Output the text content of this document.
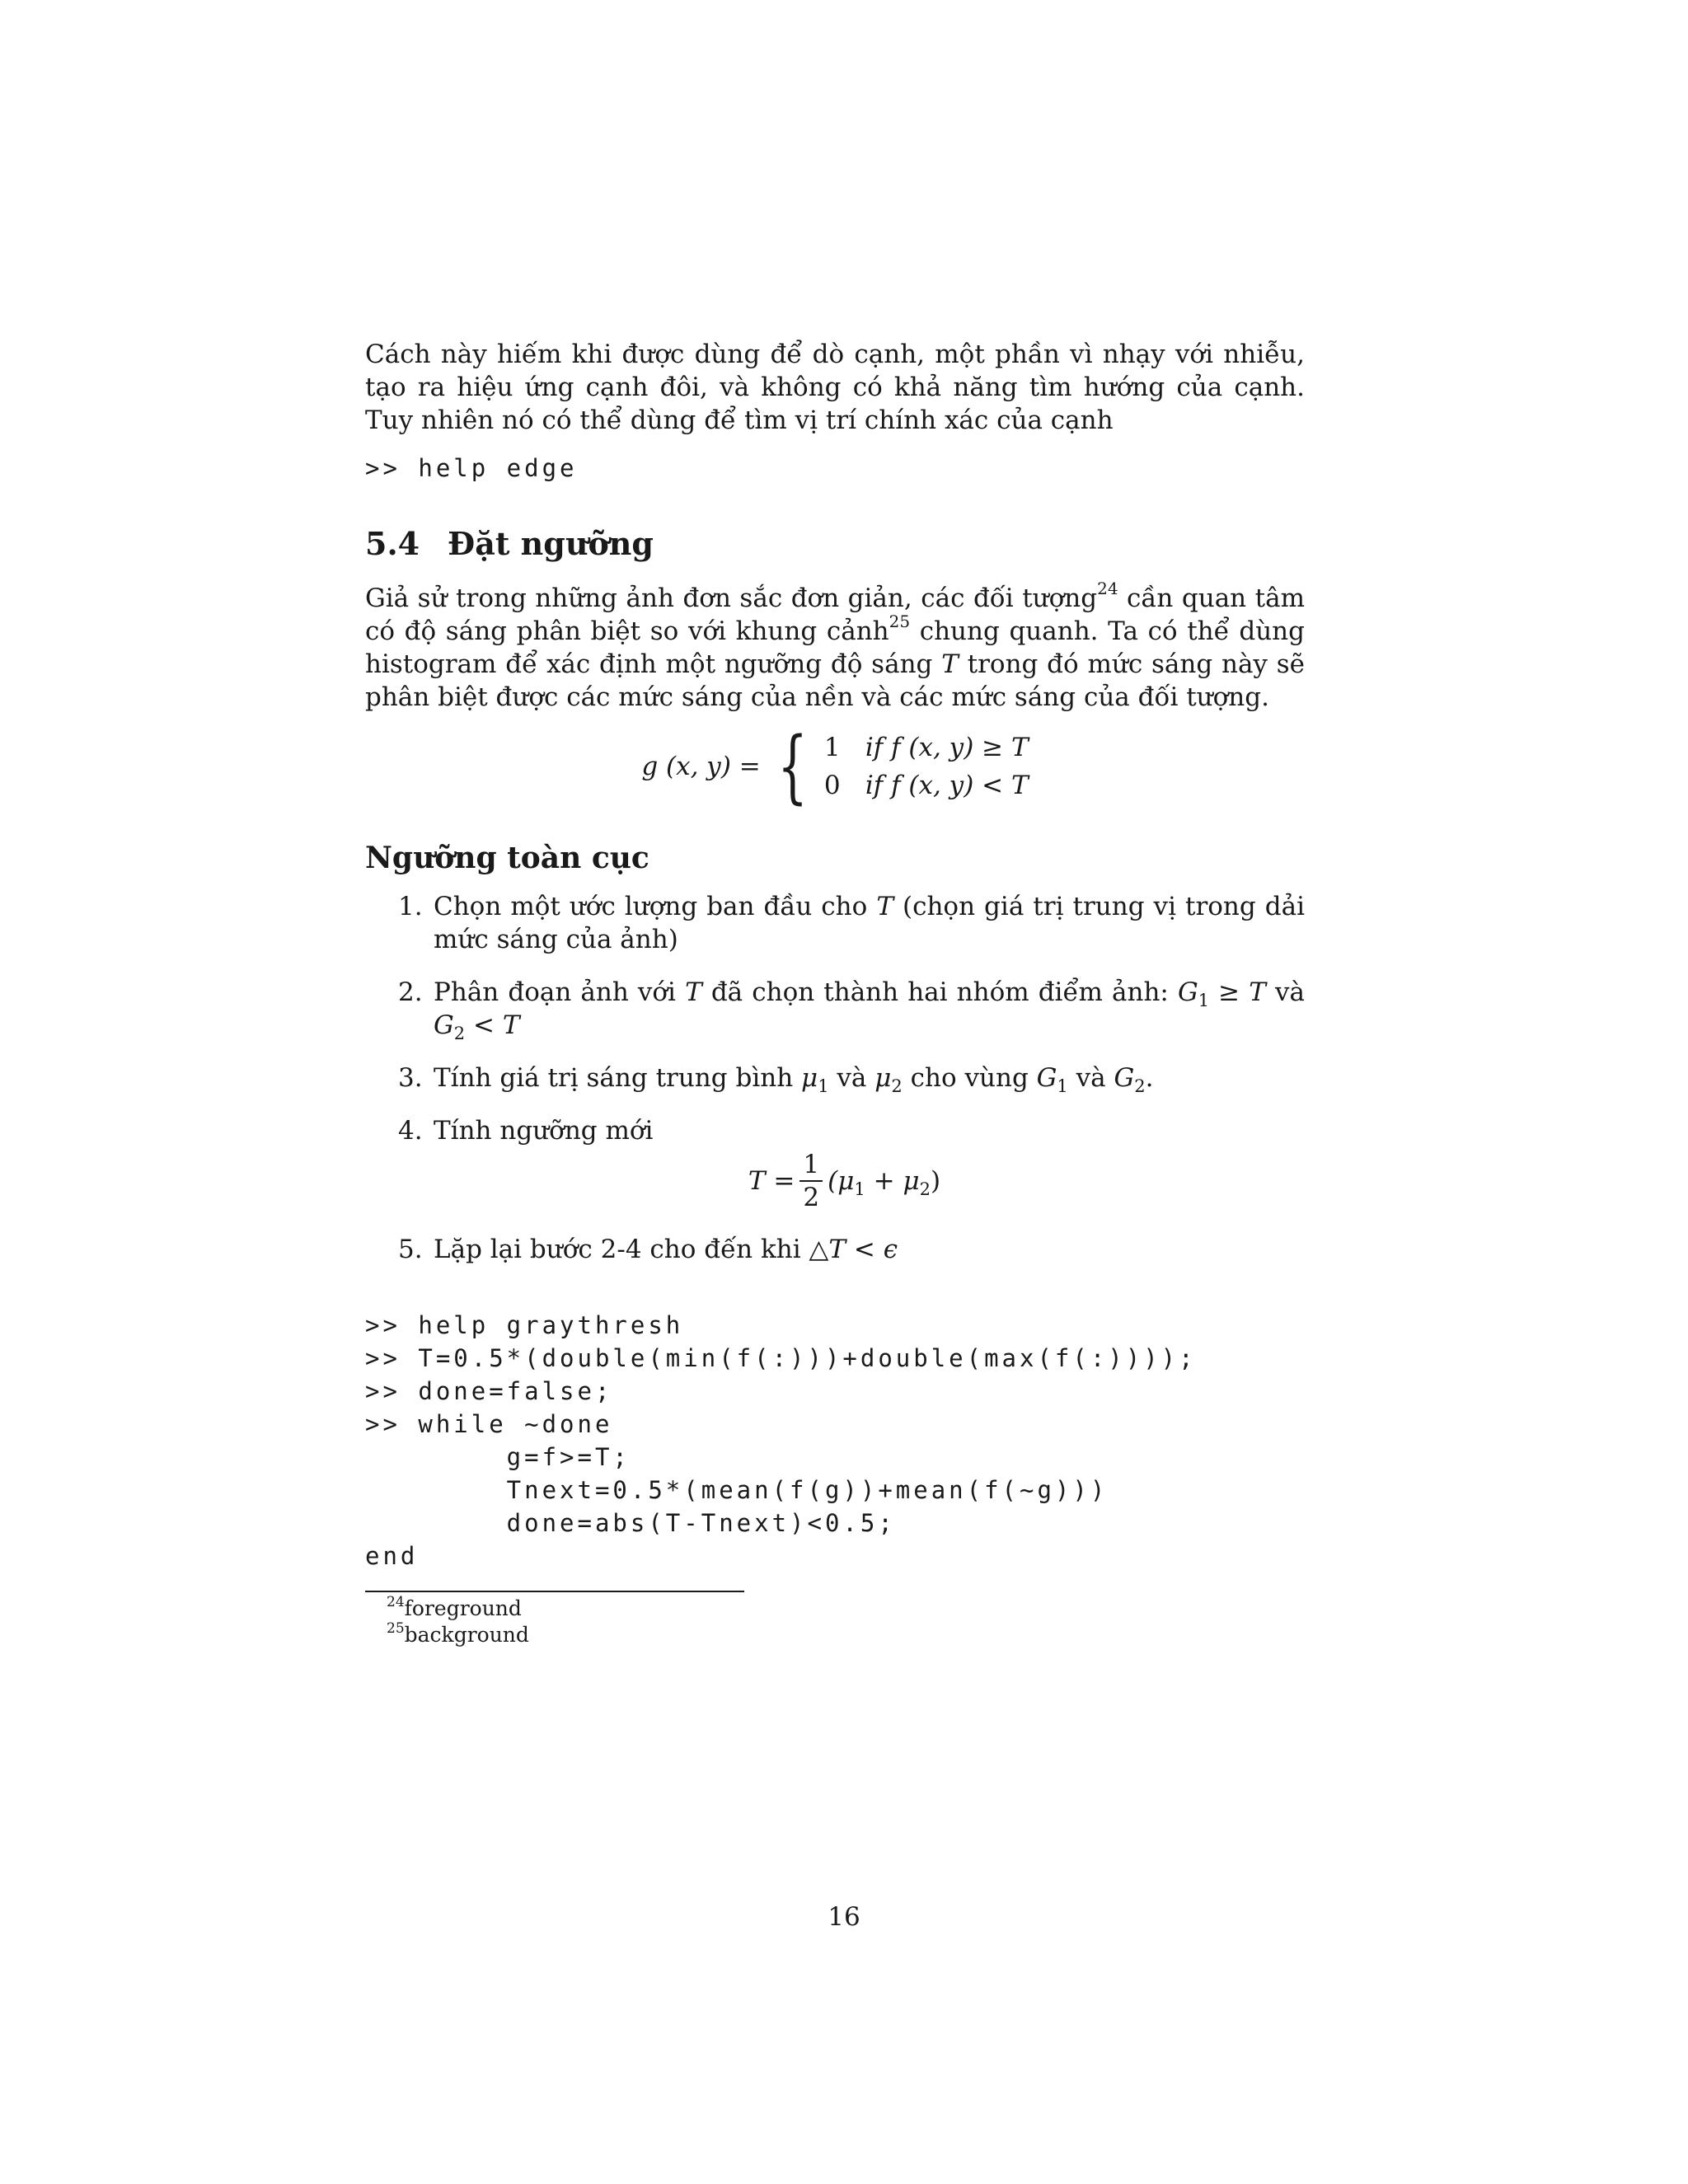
Cách này hiếm khi được dùng để dò cạnh, một phần vì nhạy với nhiễu, tạo ra hiệu ứng cạnh đôi, và không có khả năng tìm hướng của cạnh. Tuy nhiên nó có thể dùng để tìm vị trí chính xác của cạnh

>> help edge
5.4 Đặt ngưỡng

Giả sử trong những ảnh đơn sắc đơn giản, các đối tượng$^{24}$ cần quan tâm có độ sáng phân biệt so với khung cảnh$^{25}$ chung quanh. Ta có thể dùng histogram để xác định một ngưỡng độ sáng T trong đó mức sáng này sẽ phân biệt được các mức sáng của nền và các mức sáng của đối tượng.

g (x, y) = { 1 if f (x, y) ≥ T
0 if f (x, y) < T
Ngưỡng toàn cục
1. Chọn một ước lượng ban đầu cho T (chọn giá trị trung vị trong dải mức sáng của ảnh)
2. Phân đoạn ảnh với T đã chọn thành hai nhóm điểm ảnh: $G_1 \ge T$ và $G_2 < T$
3. Tính giá trị sáng trung bình $\mu_1$ và $\mu_2$ cho vùng $G_1$ và $G_2$.
4. Tính ngưỡng mới
$T = \frac{1}{2} (\mu_1 + \mu_2)$
5. Lặp lại bước 2-4 cho đến khi △T < ϵ
>> help graythresh
>> T=0.5*(double(min(f(:)))+double(max(f(:))));
>> done=false;
>> while ~done
g=f>=T;
Tnext=0.5*(mean(f(g))+mean(f(~g)))
done=abs(T-Tnext)<0.5;
end
$^{24}$foreground
$^{25}$background
16
